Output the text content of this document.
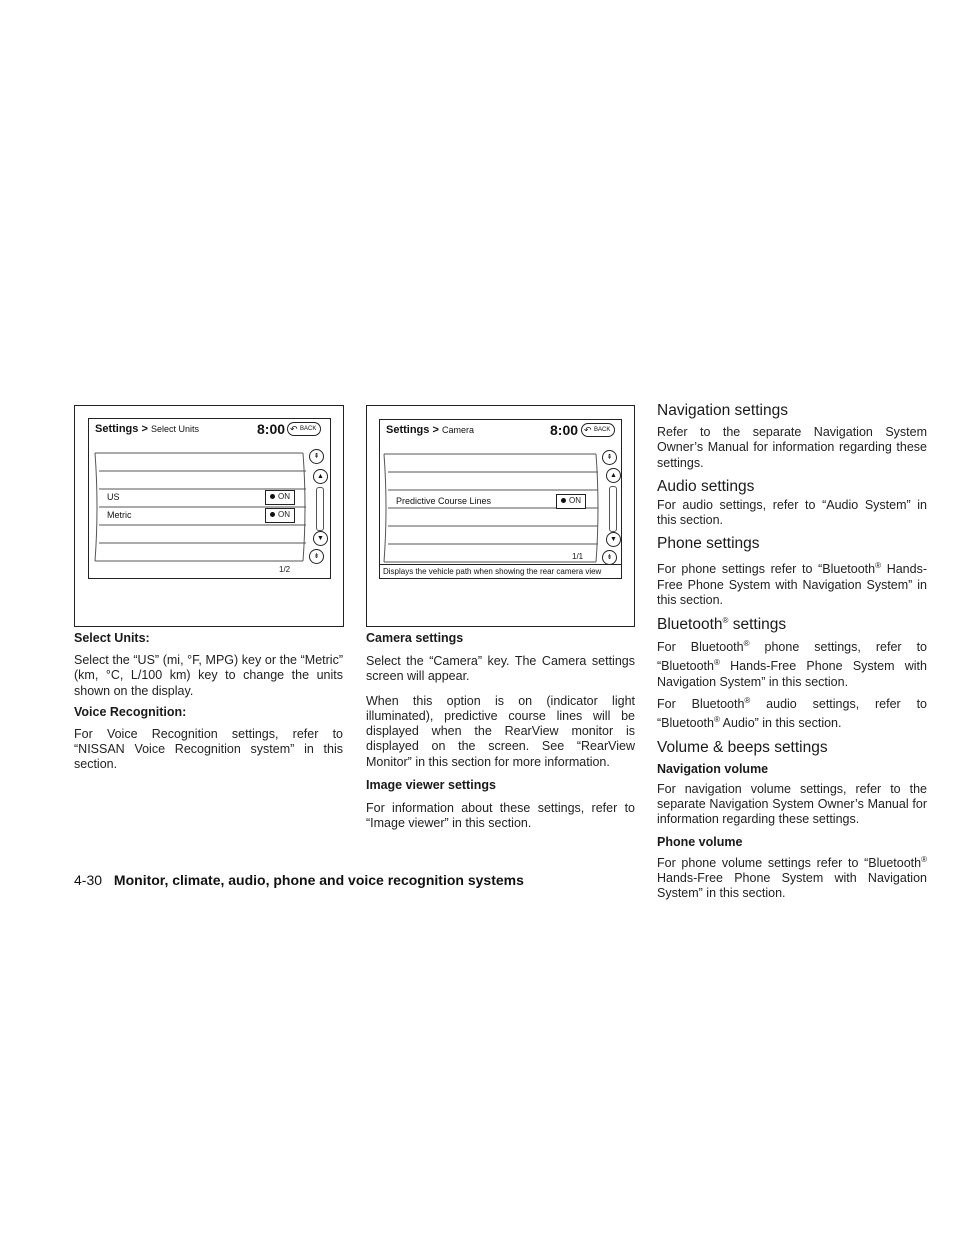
Settings > Select Units	8:00 ↶ BACK
US	ON
Metric	ON
⇞
▲
▼
⇟
1/2
Settings > Camera	8:00 ↶ BACK
Predictive Course Lines	ON
⇞
▲
▼
⇟
1/1
Displays the vehicle path when showing the rear camera view

Select Units:

Select the “US” (mi, °F, MPG) key or the “Metric” (km, °C, L/100 km) key to change the units shown on the display.

Voice Recognition:

For Voice Recognition settings, refer to “NISSAN Voice Recognition system” in this section.

Camera settings

Select the “Camera” key. The Camera settings screen will appear.

When this option is on (indicator light illuminated), predictive course lines will be displayed when the RearView monitor is displayed on the screen. See “RearView Monitor” in this section for more information.

Image viewer settings

For information about these settings, refer to “Image viewer” in this section.

Navigation settings

Refer to the separate Navigation System Owner’s Manual for information regarding these settings.

Audio settings

For audio settings, refer to “Audio System” in this section.

Phone settings

For phone settings refer to “Bluetooth® Hands-Free Phone System with Navigation System” in this section.

Bluetooth® settings

For Bluetooth® phone settings, refer to “Bluetooth® Hands-Free Phone System with Navigation System” in this section.

For Bluetooth® audio settings, refer to “Bluetooth® Audio” in this section.

Volume & beeps settings

Navigation volume

For navigation volume settings, refer to the separate Navigation System Owner’s Manual for information regarding these settings.

Phone volume

For phone volume settings refer to “Bluetooth® Hands-Free Phone System with Navigation System” in this section.

4-30 Monitor, climate, audio, phone and voice recognition systems
